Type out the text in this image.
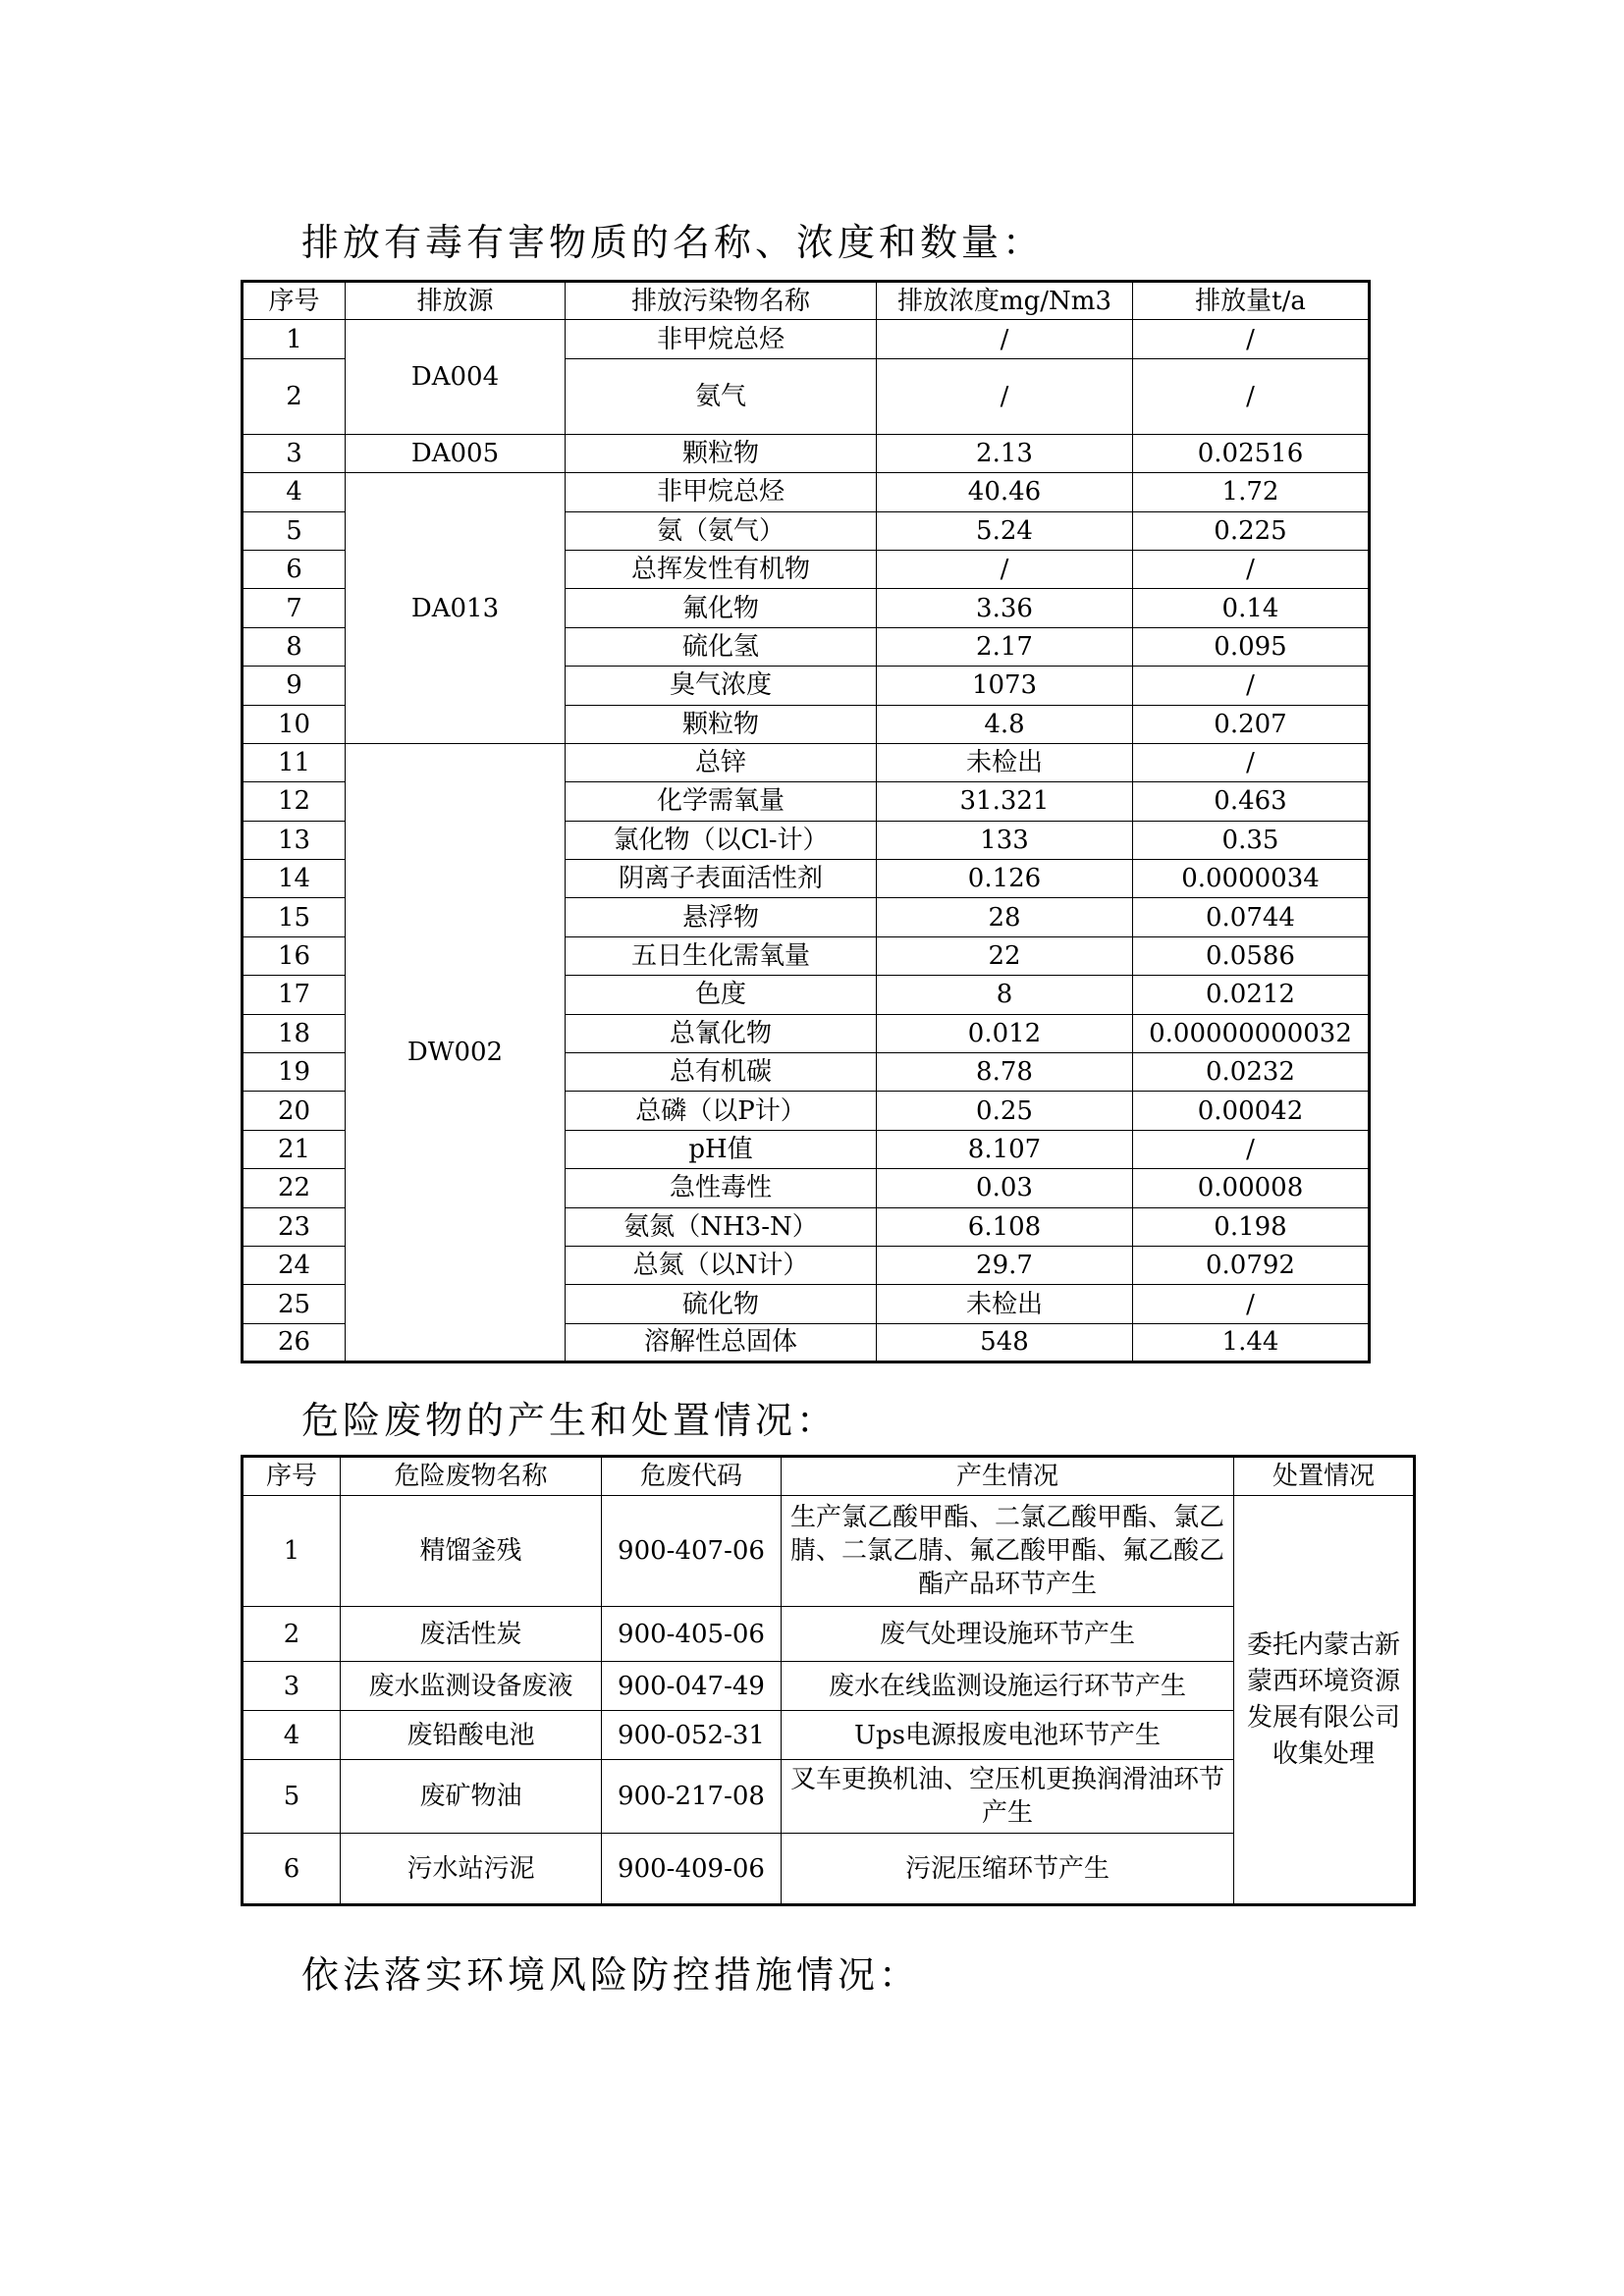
排放有毒有害物质的名称、浓度和数量：
序号	排放源	排放污染物名称	排放浓度mg/Nm3	排放量t/a
1	DA004	非甲烷总烃	/	/
2		氨气	/	/
3	DA005	颗粒物	2.13	0.02516
4	DA013	非甲烷总烃	40.46	1.72
5		氨（氨气）	5.24	0.225
6		总挥发性有机物	/	/
7		氟化物	3.36	0.14
8		硫化氢	2.17	0.095
9		臭气浓度	1073	/
10		颗粒物	4.8	0.207
11	DW002	总锌	未检出	/
12		化学需氧量	31.321	0.463
13		氯化物（以Cl-计）	133	0.35
14		阴离子表面活性剂	0.126	0.0000034
15		悬浮物	28	0.0744
16		五日生化需氧量	22	0.0586
17		色度	8	0.0212
18		总氰化物	0.012	0.00000000032
19		总有机碳	8.78	0.0232
20		总磷（以P计）	0.25	0.00042
21		pH值	8.107	/
22		急性毒性	0.03	0.00008
23		氨氮（NH3-N）	6.108	0.198
24		总氮（以N计）	29.7	0.0792
25		硫化物	未检出	/
26		溶解性总固体	548	1.44
危险废物的产生和处置情况：
序号	危险废物名称	危废代码	产生情况	处置情况
1	精馏釜残	900-407-06	生产氯乙酸甲酯、二氯乙酸甲酯、氯乙腈、二氯乙腈、氟乙酸甲酯、氟乙酸乙酯产品环节产生	委托内蒙古新蒙西环境资源发展有限公司收集处理
2	废活性炭	900-405-06	废气处理设施环节产生	
3	废水监测设备废液	900-047-49	废水在线监测设施运行环节产生	
4	废铅酸电池	900-052-31	Ups电源报废电池环节产生	
5	废矿物油	900-217-08	叉车更换机油、空压机更换润滑油环节产生	
6	污水站污泥	900-409-06	污泥压缩环节产生	
依法落实环境风险防控措施情况：
